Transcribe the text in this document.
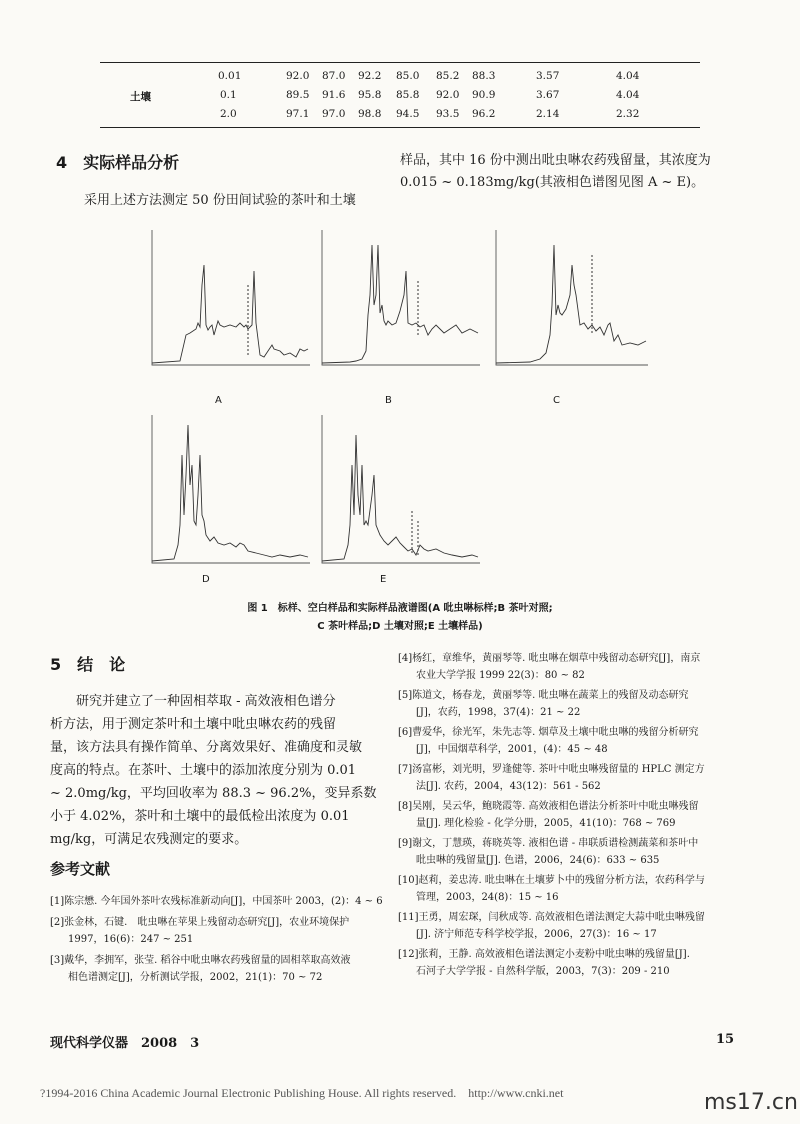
0.01	92.0 87.0 92.2 85.0 85.2 88.3	3.57	4.04
土壤	0.1	89.5 91.6 95.8 85.8 92.0 90.9	3.67	4.04
2.0	97.1 97.0 98.8 94.5 93.5 96.2	2.14	2.32
4　实际样品分析
采用上述方法测定 50 份田间试验的茶叶和土壤
样品，其中 16 份中测出吡虫啉农药残留量，其浓度为
0.015 ~ 0.183mg/kg(其液相色谱图见图 A ~ E)。
A	B	C
D	E
图 1　标样、空白样品和实际样品液谱图(A 吡虫啉标样;B 茶叶对照;
C 茶叶样品;D 土壤对照;E 土壤样品)
5　结　论
研究并建立了一种固相萃取 - 高效液相色谱分
析方法，用于测定茶叶和土壤中吡虫啉农药的残留
量，该方法具有操作简单、分离效果好、准确度和灵敏
度高的特点。在茶叶、土壤中的添加浓度分别为 0.01
~ 2.0mg/kg，平均回收率为 88.3 ~ 96.2%，变异系数
小于 4.02%，茶叶和土壤中的最低检出浓度为 0.01
mg/kg，可满足农残测定的要求。
参考文献
[1]陈宗懋. 今年国外茶叶农残标准新动向[J]，中国茶叶 2003，(2)：4 ~ 6
[2]张金林，石键.　吡虫啉在苹果上残留动态研究[J]，农业环境保护
1997，16(6)：247 ~ 251
[3]戴华，李拥军，张莹. 稻谷中吡虫啉农药残留量的固相萃取高效液
相色谱测定[J]，分析测试学报，2002，21(1)：70 ~ 72
[4]杨红，章维华，黄丽琴等. 吡虫啉在烟草中残留动态研究[J]，南京
农业大学学报 1999 22(3)：80 ~ 82
[5]陈道文，杨春龙，黄丽琴等. 吡虫啉在蔬菜上的残留及动态研究
[J]，农药，1998，37(4)：21 ~ 22
[6]曹爱华，徐光军，朱先志等. 烟草及土壤中吡虫啉的残留分析研究
[J]，中国烟草科学，2001，(4)：45 ~ 48
[7]汤富彬，刘光明，罗逢健等. 茶叶中吡虫啉残留量的 HPLC 测定方
法[J]. 农药，2004，43(12)：561 - 562
[8]吴刚，吴云华，鲍晓霞等. 高效液相色谱法分析茶叶中吡虫啉残留
量[J]. 理化检验 - 化学分册，2005，41(10)：768 ~ 769
[9]谢文，丁慧瑛，蒋晓英等. 液相色谱 - 串联质谱检测蔬菜和茶叶中
吡虫啉的残留量[J]. 色谱，2006，24(6)：633 ~ 635
[10]赵莉，姜忠涛. 吡虫啉在土壤萝卜中的残留分析方法，农药科学与
管理，2003，24(8)：15 ~ 16
[11]王勇，周宏琛，闫秋成等. 高效液相色谱法测定大蒜中吡虫啉残留
[J]. 济宁师范专科学校学报，2006，27(3)：16 ~ 17
[12]张莉，王静. 高效液相色谱法测定小麦粉中吡虫啉的残留量[J].
石河子大学学报 - 自然科学版，2003，7(3)：209 - 210
现代科学仪器　2008　3	15
?1994-2016 China Academic Journal Electronic Publishing House. All rights reserved.    http://www.cnki.net	ms17.cn
